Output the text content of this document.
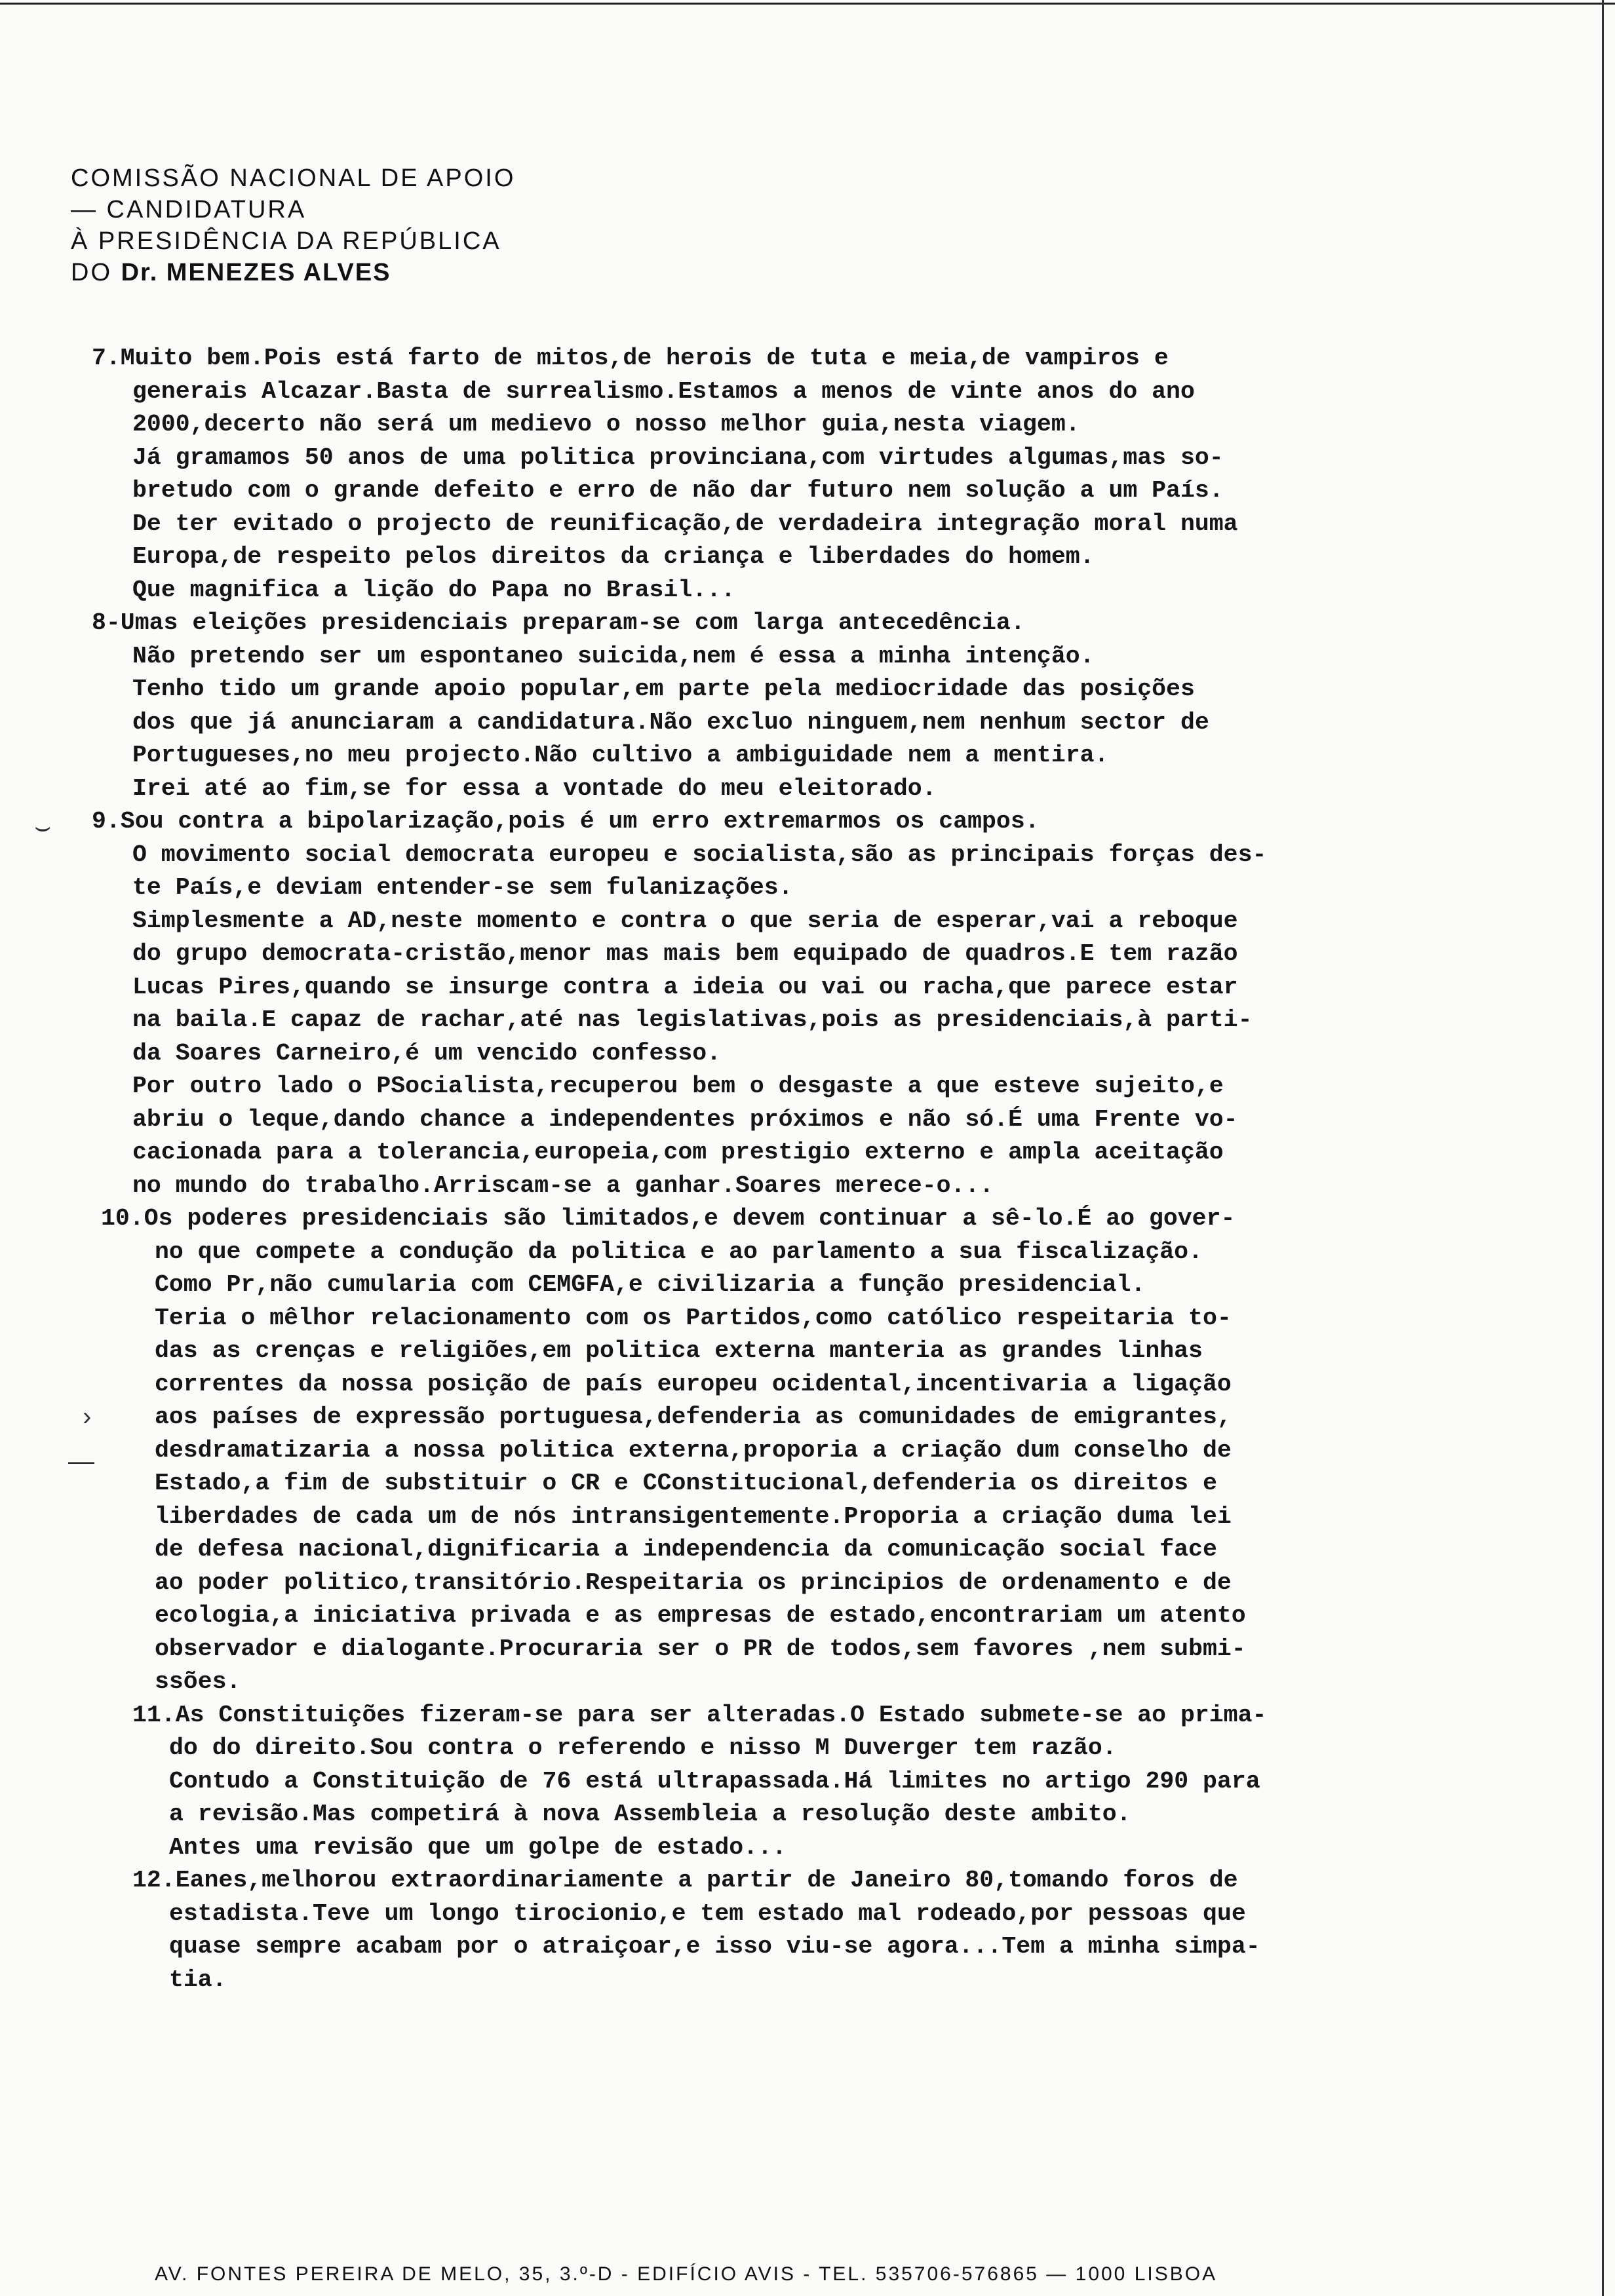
COMISSÃO NACIONAL DE APOIO
— CANDIDATURA
À PRESIDÊNCIA DA REPÚBLICA
DO Dr. MENEZES ALVES
7.Muito bem.Pois está farto de mitos,de herois de tuta e meia,de vampiros e
generais Alcazar.Basta de surrealismo.Estamos a menos de vinte anos do ano
2000,decerto não será um medievo o nosso melhor guia,nesta viagem.
Já gramamos 50 anos de uma politica provinciana,com virtudes algumas,mas so-
bretudo com o grande defeito e erro de não dar futuro nem solução a um País.
De ter evitado o projecto de reunificação,de verdadeira integração moral numa
Europa,de respeito pelos direitos da criança e liberdades do homem.
Que magnifica a lição do Papa no Brasil...
8-Umas eleições presidenciais preparam-se com larga antecedência.
Não pretendo ser um espontaneo suicida,nem é essa a minha intenção.
Tenho tido um grande apoio popular,em parte pela mediocridade das posições
dos que já anunciaram a candidatura.Não excluo ninguem,nem nenhum sector de
Portugueses,no meu projecto.Não cultivo a ambiguidade nem a mentira.
Irei até ao fim,se for essa a vontade do meu eleitorado.
9.Sou contra a bipolarização,pois é um erro extremarmos os campos.
O movimento social democrata europeu e socialista,são as principais forças des-
te País,e deviam entender-se sem fulanizações.
Simplesmente a AD,neste momento e contra o que seria de esperar,vai a reboque
do grupo democrata-cristão,menor mas mais bem equipado de quadros.E tem razão
Lucas Pires,quando se insurge contra a ideia ou vai ou racha,que parece estar
na baila.E capaz de rachar,até nas legislativas,pois as presidenciais,à parti-
da Soares Carneiro,é um vencido confesso.
Por outro lado o PSocialista,recuperou bem o desgaste a que esteve sujeito,e
abriu o leque,dando chance a independentes próximos e não só.É uma Frente vo-
cacionada para a tolerancia,europeia,com prestigio externo e ampla aceitação
no mundo do trabalho.Arriscam-se a ganhar.Soares merece-o...
10.Os poderes presidenciais são limitados,e devem continuar a sê-lo.É ao gover-
no que compete a condução da politica e ao parlamento a sua fiscalização.
Como Pr,não cumularia com CEMGFA,e civilizaria a função presidencial.
Teria o mêlhor relacionamento com os Partidos,como católico respeitaria to-
das as crenças e religiões,em politica externa manteria as grandes linhas
correntes da nossa posição de país europeu ocidental,incentivaria a ligação
aos países de expressão portuguesa,defenderia as comunidades de emigrantes,
desdramatizaria a nossa politica externa,proporia a criação dum conselho de
Estado,a fim de substituir o CR e CConstitucional,defenderia os direitos e
liberdades de cada um de nós intransigentemente.Proporia a criação duma lei
de defesa nacional,dignificaria a independencia da comunicação social face
ao poder politico,transitório.Respeitaria os principios de ordenamento e de
ecologia,a iniciativa privada e as empresas de estado,encontrariam um atento
observador e dialogante.Procuraria ser o PR de todos,sem favores ,nem submi-
ssões.
11.As Constituições fizeram-se para ser alteradas.O Estado submete-se ao prima-
do do direito.Sou contra o referendo e nisso M Duverger tem razão.
Contudo a Constituição de 76 está ultrapassada.Há limites no artigo 290 para
a revisão.Mas competirá à nova Assembleia a resolução deste ambito.
Antes uma revisão que um golpe de estado...
12.Eanes,melhorou extraordinariamente a partir de Janeiro 80,tomando foros de
estadista.Teve um longo tirocionio,e tem estado mal rodeado,por pessoas que
quase sempre acabam por o atraiçoar,e isso viu-se agora...Tem a minha simpa-
tia.
⌣
›
—
AV. FONTES PEREIRA DE MELO, 35, 3.º-D - EDIFÍCIO AVIS - TEL. 535706-576865 — 1000 LISBOA
